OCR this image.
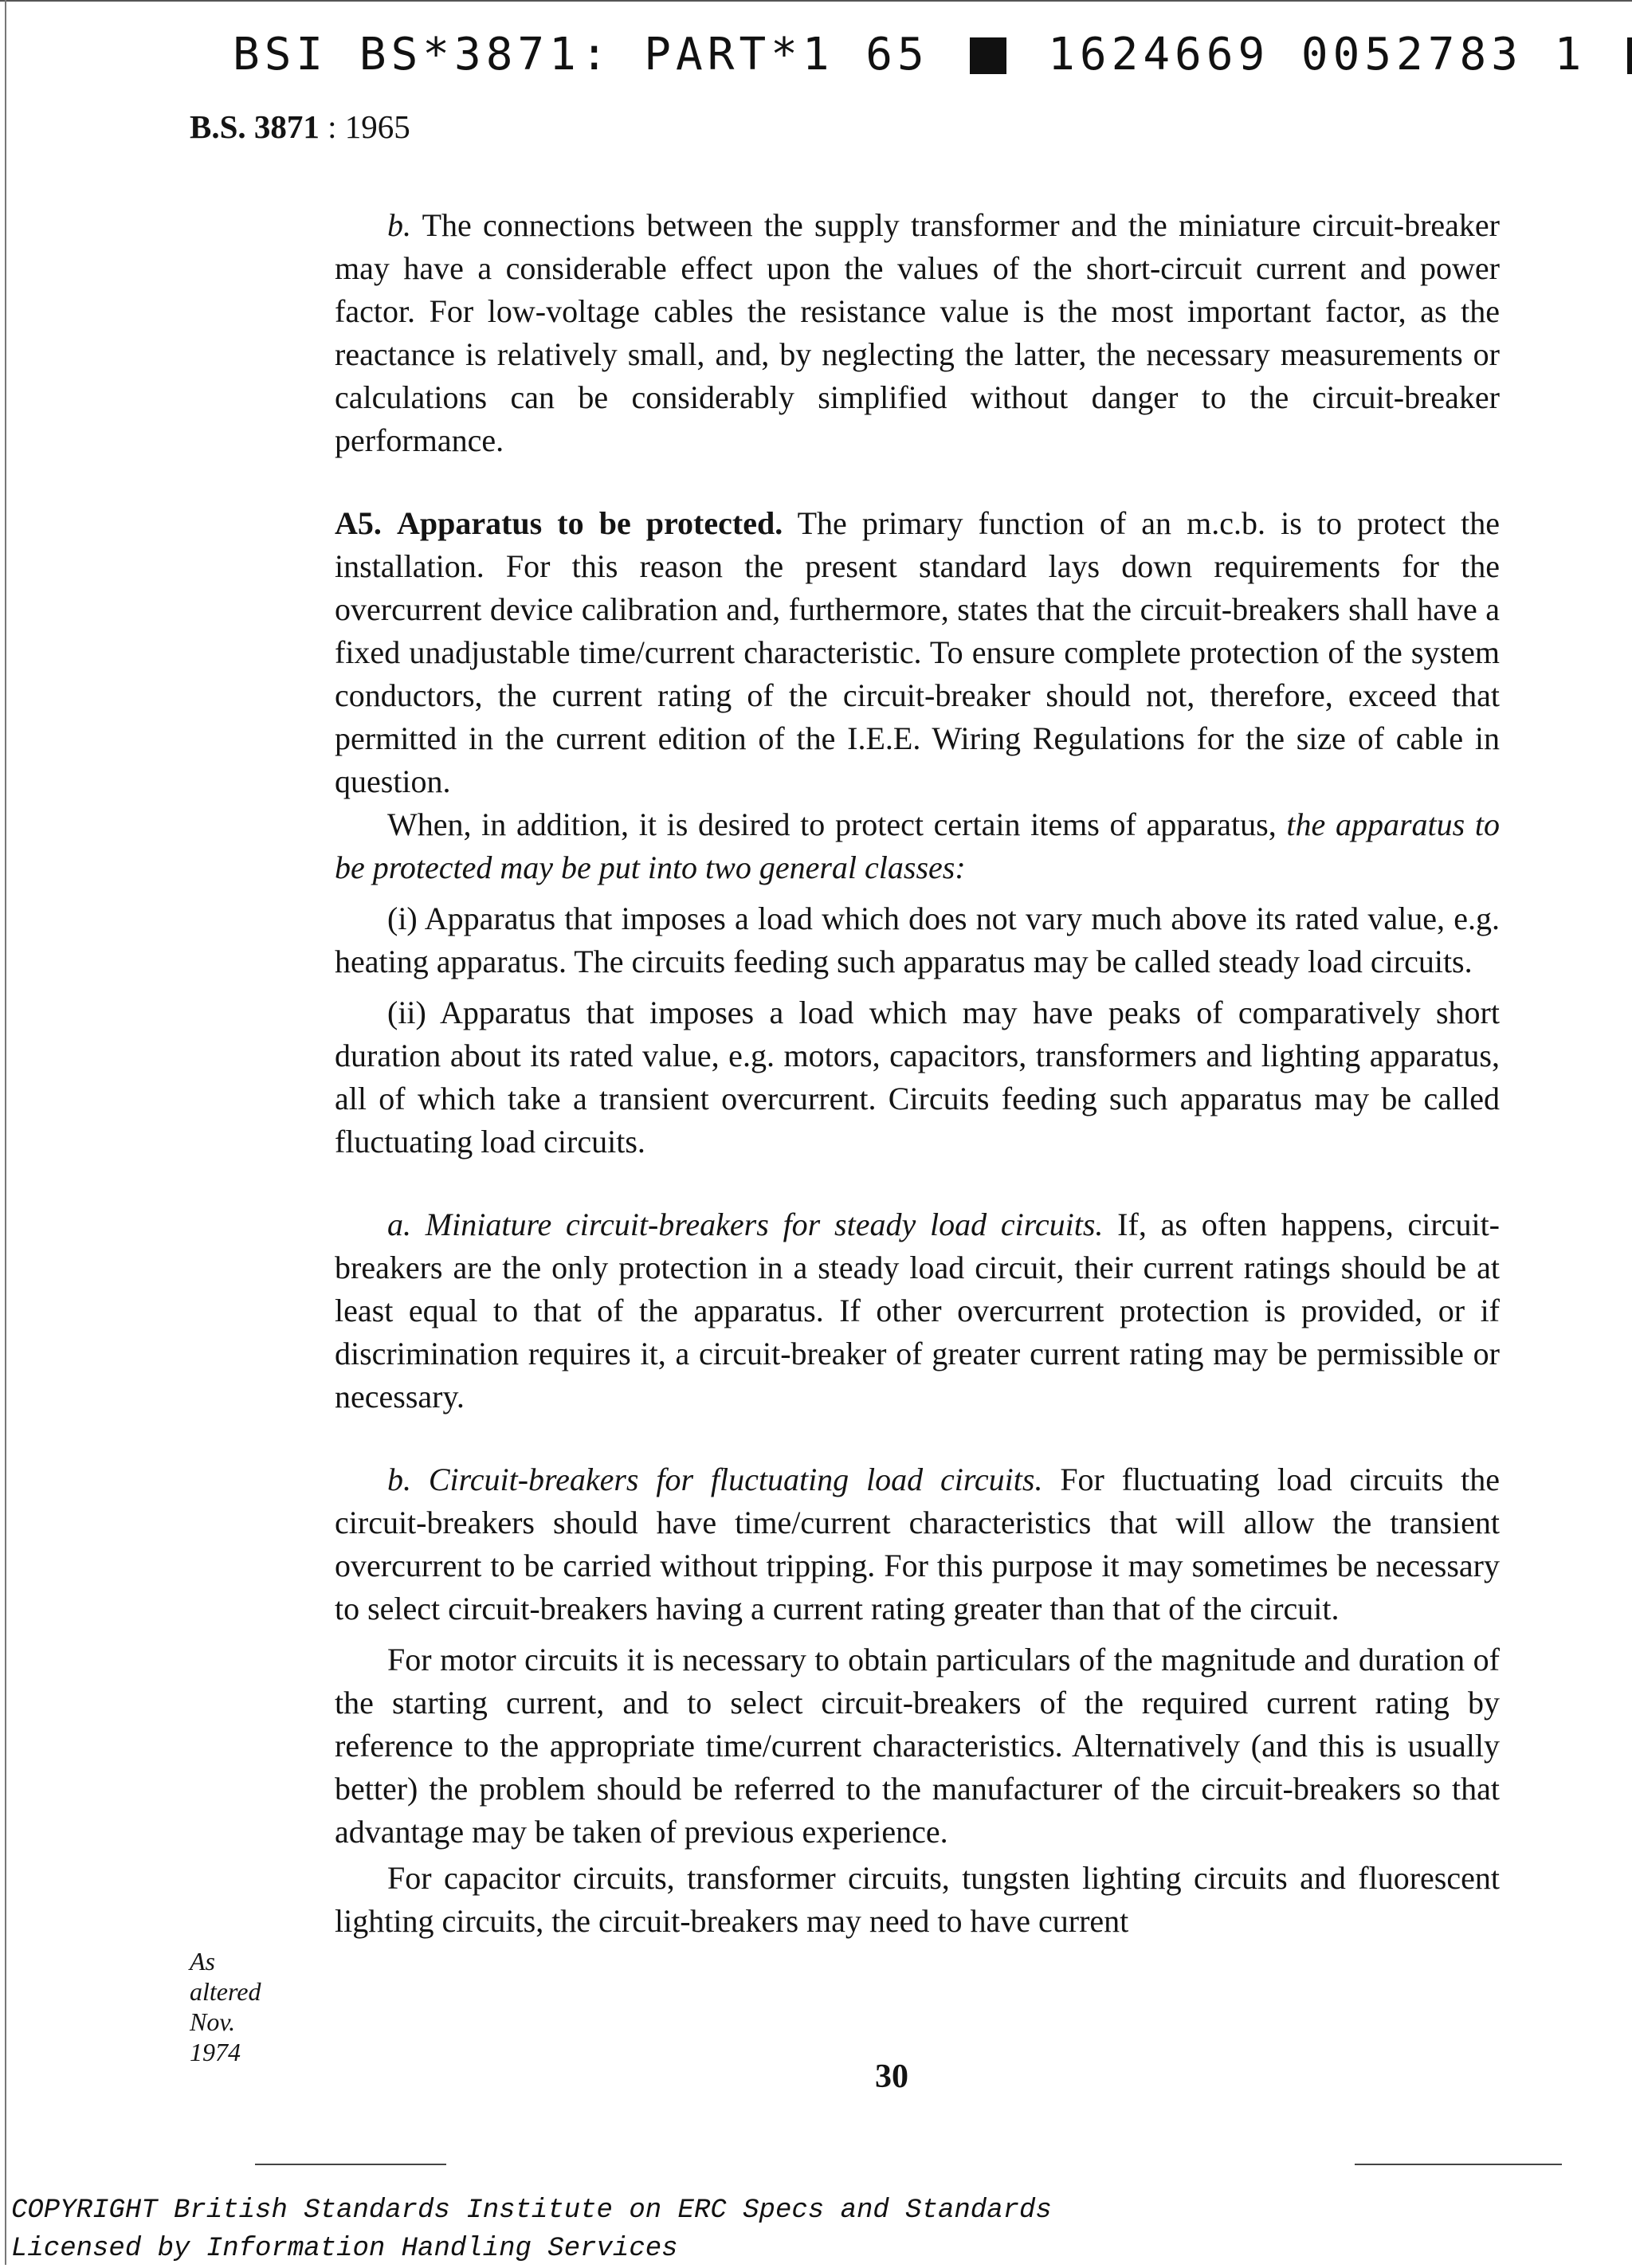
BSI BS*3871: PART*1 65	1624669 0052783 1
B.S. 3871 : 1965

b. The connections between the supply transformer and the miniature circuit-breaker may have a considerable effect upon the values of the short-circuit current and power factor. For low-voltage cables the resistance value is the most important factor, as the reactance is relatively small, and, by neglecting the latter, the necessary measurements or calculations can be considerably simplified without danger to the circuit-breaker performance.

A5. Apparatus to be protected. The primary function of an m.c.b. is to protect the installation. For this reason the present standard lays down requirements for the overcurrent device calibration and, furthermore, states that the circuit-breakers shall have a fixed unadjustable time/current characteristic. To ensure complete protection of the system conductors, the current rating of the circuit-breaker should not, therefore, exceed that permitted in the current edition of the I.E.E. Wiring Regulations for the size of cable in question.

When, in addition, it is desired to protect certain items of apparatus, the apparatus to be protected may be put into two general classes:

(i) Apparatus that imposes a load which does not vary much above its rated value, e.g. heating apparatus. The circuits feeding such apparatus may be called steady load circuits.

(ii) Apparatus that imposes a load which may have peaks of comparatively short duration about its rated value, e.g. motors, capacitors, transformers and lighting apparatus, all of which take a transient overcurrent. Circuits feeding such apparatus may be called fluctuating load circuits.

a. Miniature circuit-breakers for steady load circuits. If, as often happens, circuit-breakers are the only protection in a steady load circuit, their current ratings should be at least equal to that of the apparatus. If other overcurrent protection is provided, or if discrimination requires it, a circuit-breaker of greater current rating may be permissible or necessary.

b. Circuit-breakers for fluctuating load circuits. For fluctuating load circuits the circuit-breakers should have time/current characteristics that will allow the transient overcurrent to be carried without tripping. For this purpose it may sometimes be necessary to select circuit-breakers having a current rating greater than that of the circuit.

For motor circuits it is necessary to obtain particulars of the magnitude and duration of the starting current, and to select circuit-breakers of the required current rating by reference to the appropriate time/current characteristics. Alternatively (and this is usually better) the problem should be referred to the manufacturer of the circuit-breakers so that advantage may be taken of previous experience.

For capacitor circuits, transformer circuits, tungsten lighting circuits and fluorescent lighting circuits, the circuit-breakers may need to have current

As
altered
Nov.
1974
30
COPYRIGHT British Standards Institute on ERC Specs and Standards
Licensed by Information Handling Services
